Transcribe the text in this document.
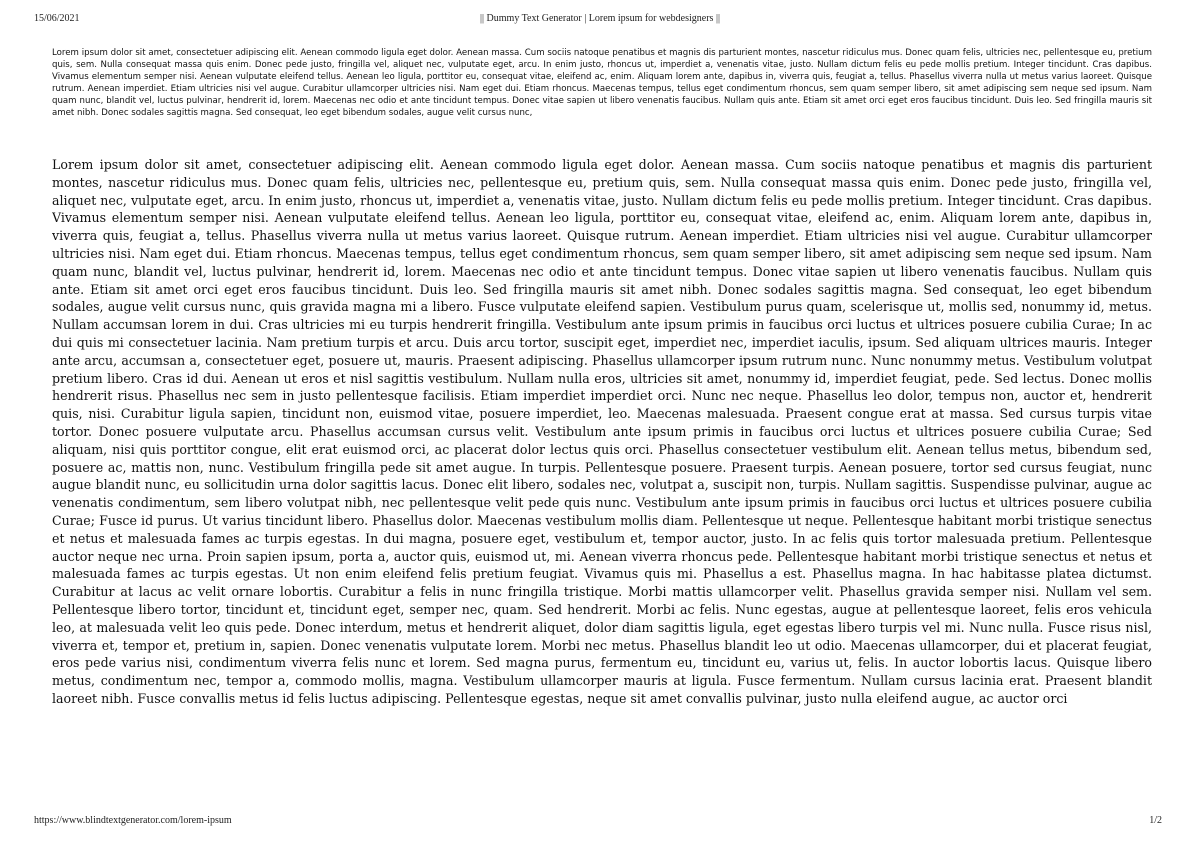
15/06/2021	|| Dummy Text Generator | Lorem ipsum for webdesigners ||

Lorem ipsum dolor sit amet, consectetuer adipiscing elit. Aenean commodo ligula eget dolor. Aenean massa. Cum sociis natoque penatibus et magnis dis parturient montes, nascetur ridiculus mus. Donec quam felis, ultricies nec, pellentesque eu, pretium quis, sem. Nulla consequat massa quis enim. Donec pede justo, fringilla vel, aliquet nec, vulputate eget, arcu. In enim justo, rhoncus ut, imperdiet a, venenatis vitae, justo. Nullam dictum felis eu pede mollis pretium. Integer tincidunt. Cras dapibus. Vivamus elementum semper nisi. Aenean vulputate eleifend tellus. Aenean leo ligula, porttitor eu, consequat vitae, eleifend ac, enim. Aliquam lorem ante, dapibus in, viverra quis, feugiat a, tellus. Phasellus viverra nulla ut metus varius laoreet. Quisque rutrum. Aenean imperdiet. Etiam ultricies nisi vel augue. Curabitur ullamcorper ultricies nisi. Nam eget dui. Etiam rhoncus. Maecenas tempus, tellus eget condimentum rhoncus, sem quam semper libero, sit amet adipiscing sem neque sed ipsum. Nam quam nunc, blandit vel, luctus pulvinar, hendrerit id, lorem. Maecenas nec odio et ante tincidunt tempus. Donec vitae sapien ut libero venenatis faucibus. Nullam quis ante. Etiam sit amet orci eget eros faucibus tincidunt. Duis leo. Sed fringilla mauris sit amet nibh. Donec sodales sagittis magna. Sed consequat, leo eget bibendum sodales, augue velit cursus nunc,

Lorem ipsum dolor sit amet, consectetuer adipiscing elit. Aenean commodo ligula eget dolor. Aenean massa. Cum sociis natoque penatibus et magnis dis parturient montes, nascetur ridiculus mus. Donec quam felis, ultricies nec, pellentesque eu, pretium quis, sem. Nulla consequat massa quis enim. Donec pede justo, fringilla vel, aliquet nec, vulputate eget, arcu. In enim justo, rhoncus ut, imperdiet a, venenatis vitae, justo. Nullam dictum felis eu pede mollis pretium. Integer tincidunt. Cras dapibus. Vivamus elementum semper nisi. Aenean vulputate eleifend tellus. Aenean leo ligula, porttitor eu, consequat vitae, eleifend ac, enim. Aliquam lorem ante, dapibus in, viverra quis, feugiat a, tellus. Phasellus viverra nulla ut metus varius laoreet. Quisque rutrum. Aenean imperdiet. Etiam ultricies nisi vel augue. Curabitur ullamcorper ultricies nisi. Nam eget dui. Etiam rhoncus. Maecenas tempus, tellus eget condimentum rhoncus, sem quam semper libero, sit amet adipiscing sem neque sed ipsum. Nam quam nunc, blandit vel, luctus pulvinar, hendrerit id, lorem. Maecenas nec odio et ante tincidunt tempus. Donec vitae sapien ut libero venenatis faucibus. Nullam quis ante. Etiam sit amet orci eget eros faucibus tincidunt. Duis leo. Sed fringilla mauris sit amet nibh. Donec sodales sagittis magna. Sed consequat, leo eget bibendum sodales, augue velit cursus nunc, quis gravida magna mi a libero. Fusce vulputate eleifend sapien. Vestibulum purus quam, scelerisque ut, mollis sed, nonummy id, metus. Nullam accumsan lorem in dui. Cras ultricies mi eu turpis hendrerit fringilla. Vestibulum ante ipsum primis in faucibus orci luctus et ultrices posuere cubilia Curae; In ac dui quis mi consectetuer lacinia. Nam pretium turpis et arcu. Duis arcu tortor, suscipit eget, imperdiet nec, imperdiet iaculis, ipsum. Sed aliquam ultrices mauris. Integer ante arcu, accumsan a, consectetuer eget, posuere ut, mauris. Praesent adipiscing. Phasellus ullamcorper ipsum rutrum nunc. Nunc nonummy metus. Vestibulum volutpat pretium libero. Cras id dui. Aenean ut eros et nisl sagittis vestibulum. Nullam nulla eros, ultricies sit amet, nonummy id, imperdiet feugiat, pede. Sed lectus. Donec mollis hendrerit risus. Phasellus nec sem in justo pellentesque facilisis. Etiam imperdiet imperdiet orci. Nunc nec neque. Phasellus leo dolor, tempus non, auctor et, hendrerit quis, nisi. Curabitur ligula sapien, tincidunt non, euismod vitae, posuere imperdiet, leo. Maecenas malesuada. Praesent congue erat at massa. Sed cursus turpis vitae tortor. Donec posuere vulputate arcu. Phasellus accumsan cursus velit. Vestibulum ante ipsum primis in faucibus orci luctus et ultrices posuere cubilia Curae; Sed aliquam, nisi quis porttitor congue, elit erat euismod orci, ac placerat dolor lectus quis orci. Phasellus consectetuer vestibulum elit. Aenean tellus metus, bibendum sed, posuere ac, mattis non, nunc. Vestibulum fringilla pede sit amet augue. In turpis. Pellentesque posuere. Praesent turpis. Aenean posuere, tortor sed cursus feugiat, nunc augue blandit nunc, eu sollicitudin urna dolor sagittis lacus. Donec elit libero, sodales nec, volutpat a, suscipit non, turpis. Nullam sagittis. Suspendisse pulvinar, augue ac venenatis condimentum, sem libero volutpat nibh, nec pellentesque velit pede quis nunc. Vestibulum ante ipsum primis in faucibus orci luctus et ultrices posuere cubilia Curae; Fusce id purus. Ut varius tincidunt libero. Phasellus dolor. Maecenas vestibulum mollis diam. Pellentesque ut neque. Pellentesque habitant morbi tristique senectus et netus et malesuada fames ac turpis egestas. In dui magna, posuere eget, vestibulum et, tempor auctor, justo. In ac felis quis tortor malesuada pretium. Pellentesque auctor neque nec urna. Proin sapien ipsum, porta a, auctor quis, euismod ut, mi. Aenean viverra rhoncus pede. Pellentesque habitant morbi tristique senectus et netus et malesuada fames ac turpis egestas. Ut non enim eleifend felis pretium feugiat. Vivamus quis mi. Phasellus a est. Phasellus magna. In hac habitasse platea dictumst. Curabitur at lacus ac velit ornare lobortis. Curabitur a felis in nunc fringilla tristique. Morbi mattis ullamcorper velit. Phasellus gravida semper nisi. Nullam vel sem. Pellentesque libero tortor, tincidunt et, tincidunt eget, semper nec, quam. Sed hendrerit. Morbi ac felis. Nunc egestas, augue at pellentesque laoreet, felis eros vehicula leo, at malesuada velit leo quis pede. Donec interdum, metus et hendrerit aliquet, dolor diam sagittis ligula, eget egestas libero turpis vel mi. Nunc nulla. Fusce risus nisl, viverra et, tempor et, pretium in, sapien. Donec venenatis vulputate lorem. Morbi nec metus. Phasellus blandit leo ut odio. Maecenas ullamcorper, dui et placerat feugiat, eros pede varius nisi, condimentum viverra felis nunc et lorem. Sed magna purus, fermentum eu, tincidunt eu, varius ut, felis. In auctor lobortis lacus. Quisque libero metus, condimentum nec, tempor a, commodo mollis, magna. Vestibulum ullamcorper mauris at ligula. Fusce fermentum. Nullam cursus lacinia erat. Praesent blandit laoreet nibh. Fusce convallis metus id felis luctus adipiscing. Pellentesque egestas, neque sit amet convallis pulvinar, justo nulla eleifend augue, ac auctor orci

https://www.blindtextgenerator.com/lorem-ipsum	1/2
